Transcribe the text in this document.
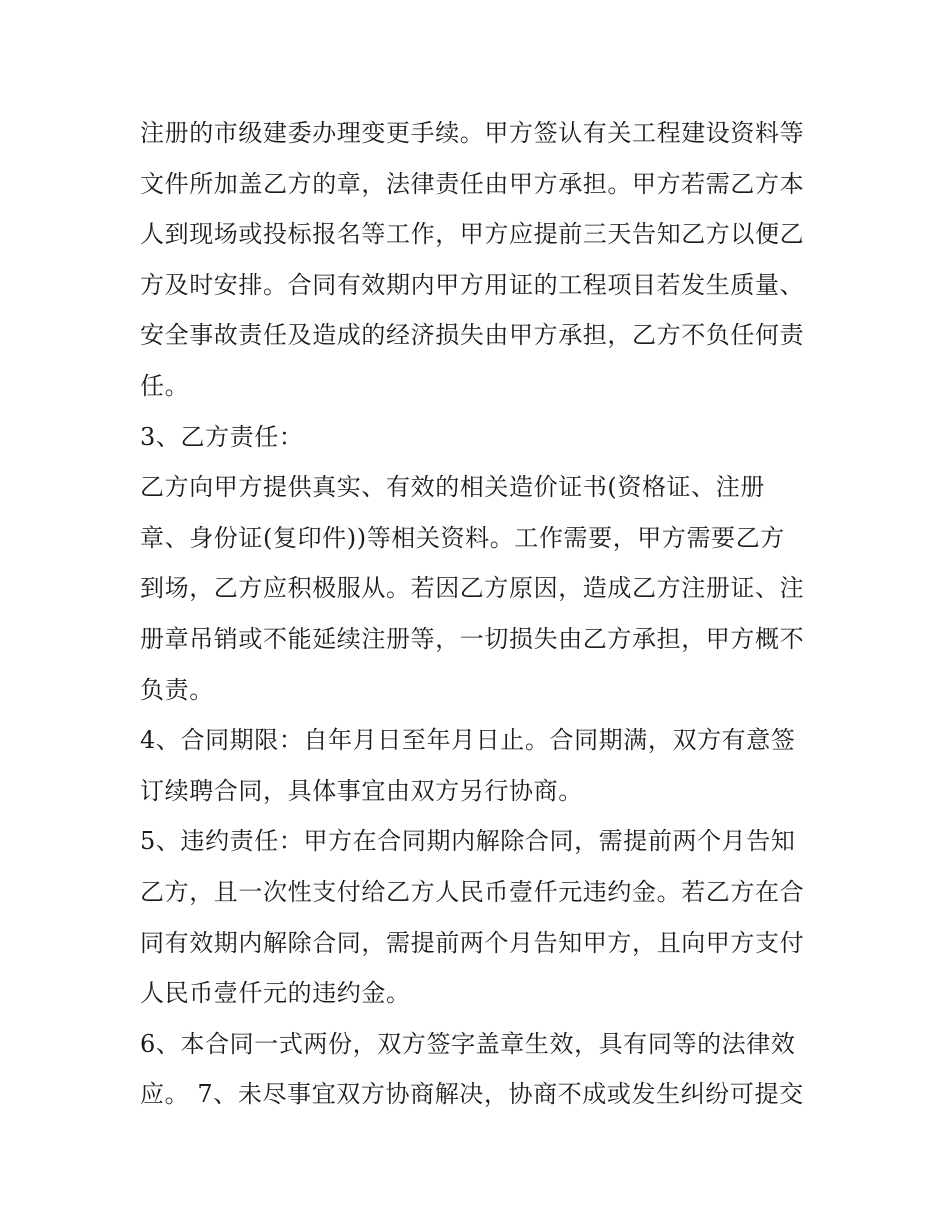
注册的市级建委办理变更手续。甲方签认有关工程建设资料等
文件所加盖乙方的章，法律责任由甲方承担。甲方若需乙方本
人到现场或投标报名等工作，甲方应提前三天告知乙方以便乙
方及时安排。合同有效期内甲方用证的工程项目若发生质量、
安全事故责任及造成的经济损失由甲方承担，乙方不负任何责
任。
3、乙方责任：
乙方向甲方提供真实、有效的相关造价证书(资格证、注册
章、身份证(复印件))等相关资料。工作需要，甲方需要乙方
到场，乙方应积极服从。若因乙方原因，造成乙方注册证、注
册章吊销或不能延续注册等，一切损失由乙方承担，甲方概不
负责。
4、合同期限：自年月日至年月日止。合同期满，双方有意签
订续聘合同，具体事宜由双方另行协商。
5、违约责任：甲方在合同期内解除合同，需提前两个月告知
乙方，且一次性支付给乙方人民币壹仟元违约金。若乙方在合
同有效期内解除合同，需提前两个月告知甲方，且向甲方支付
人民币壹仟元的违约金。
6、本合同一式两份，双方签字盖章生效，具有同等的法律效
应。 7、未尽事宜双方协商解决，协商不成或发生纠纷可提交
